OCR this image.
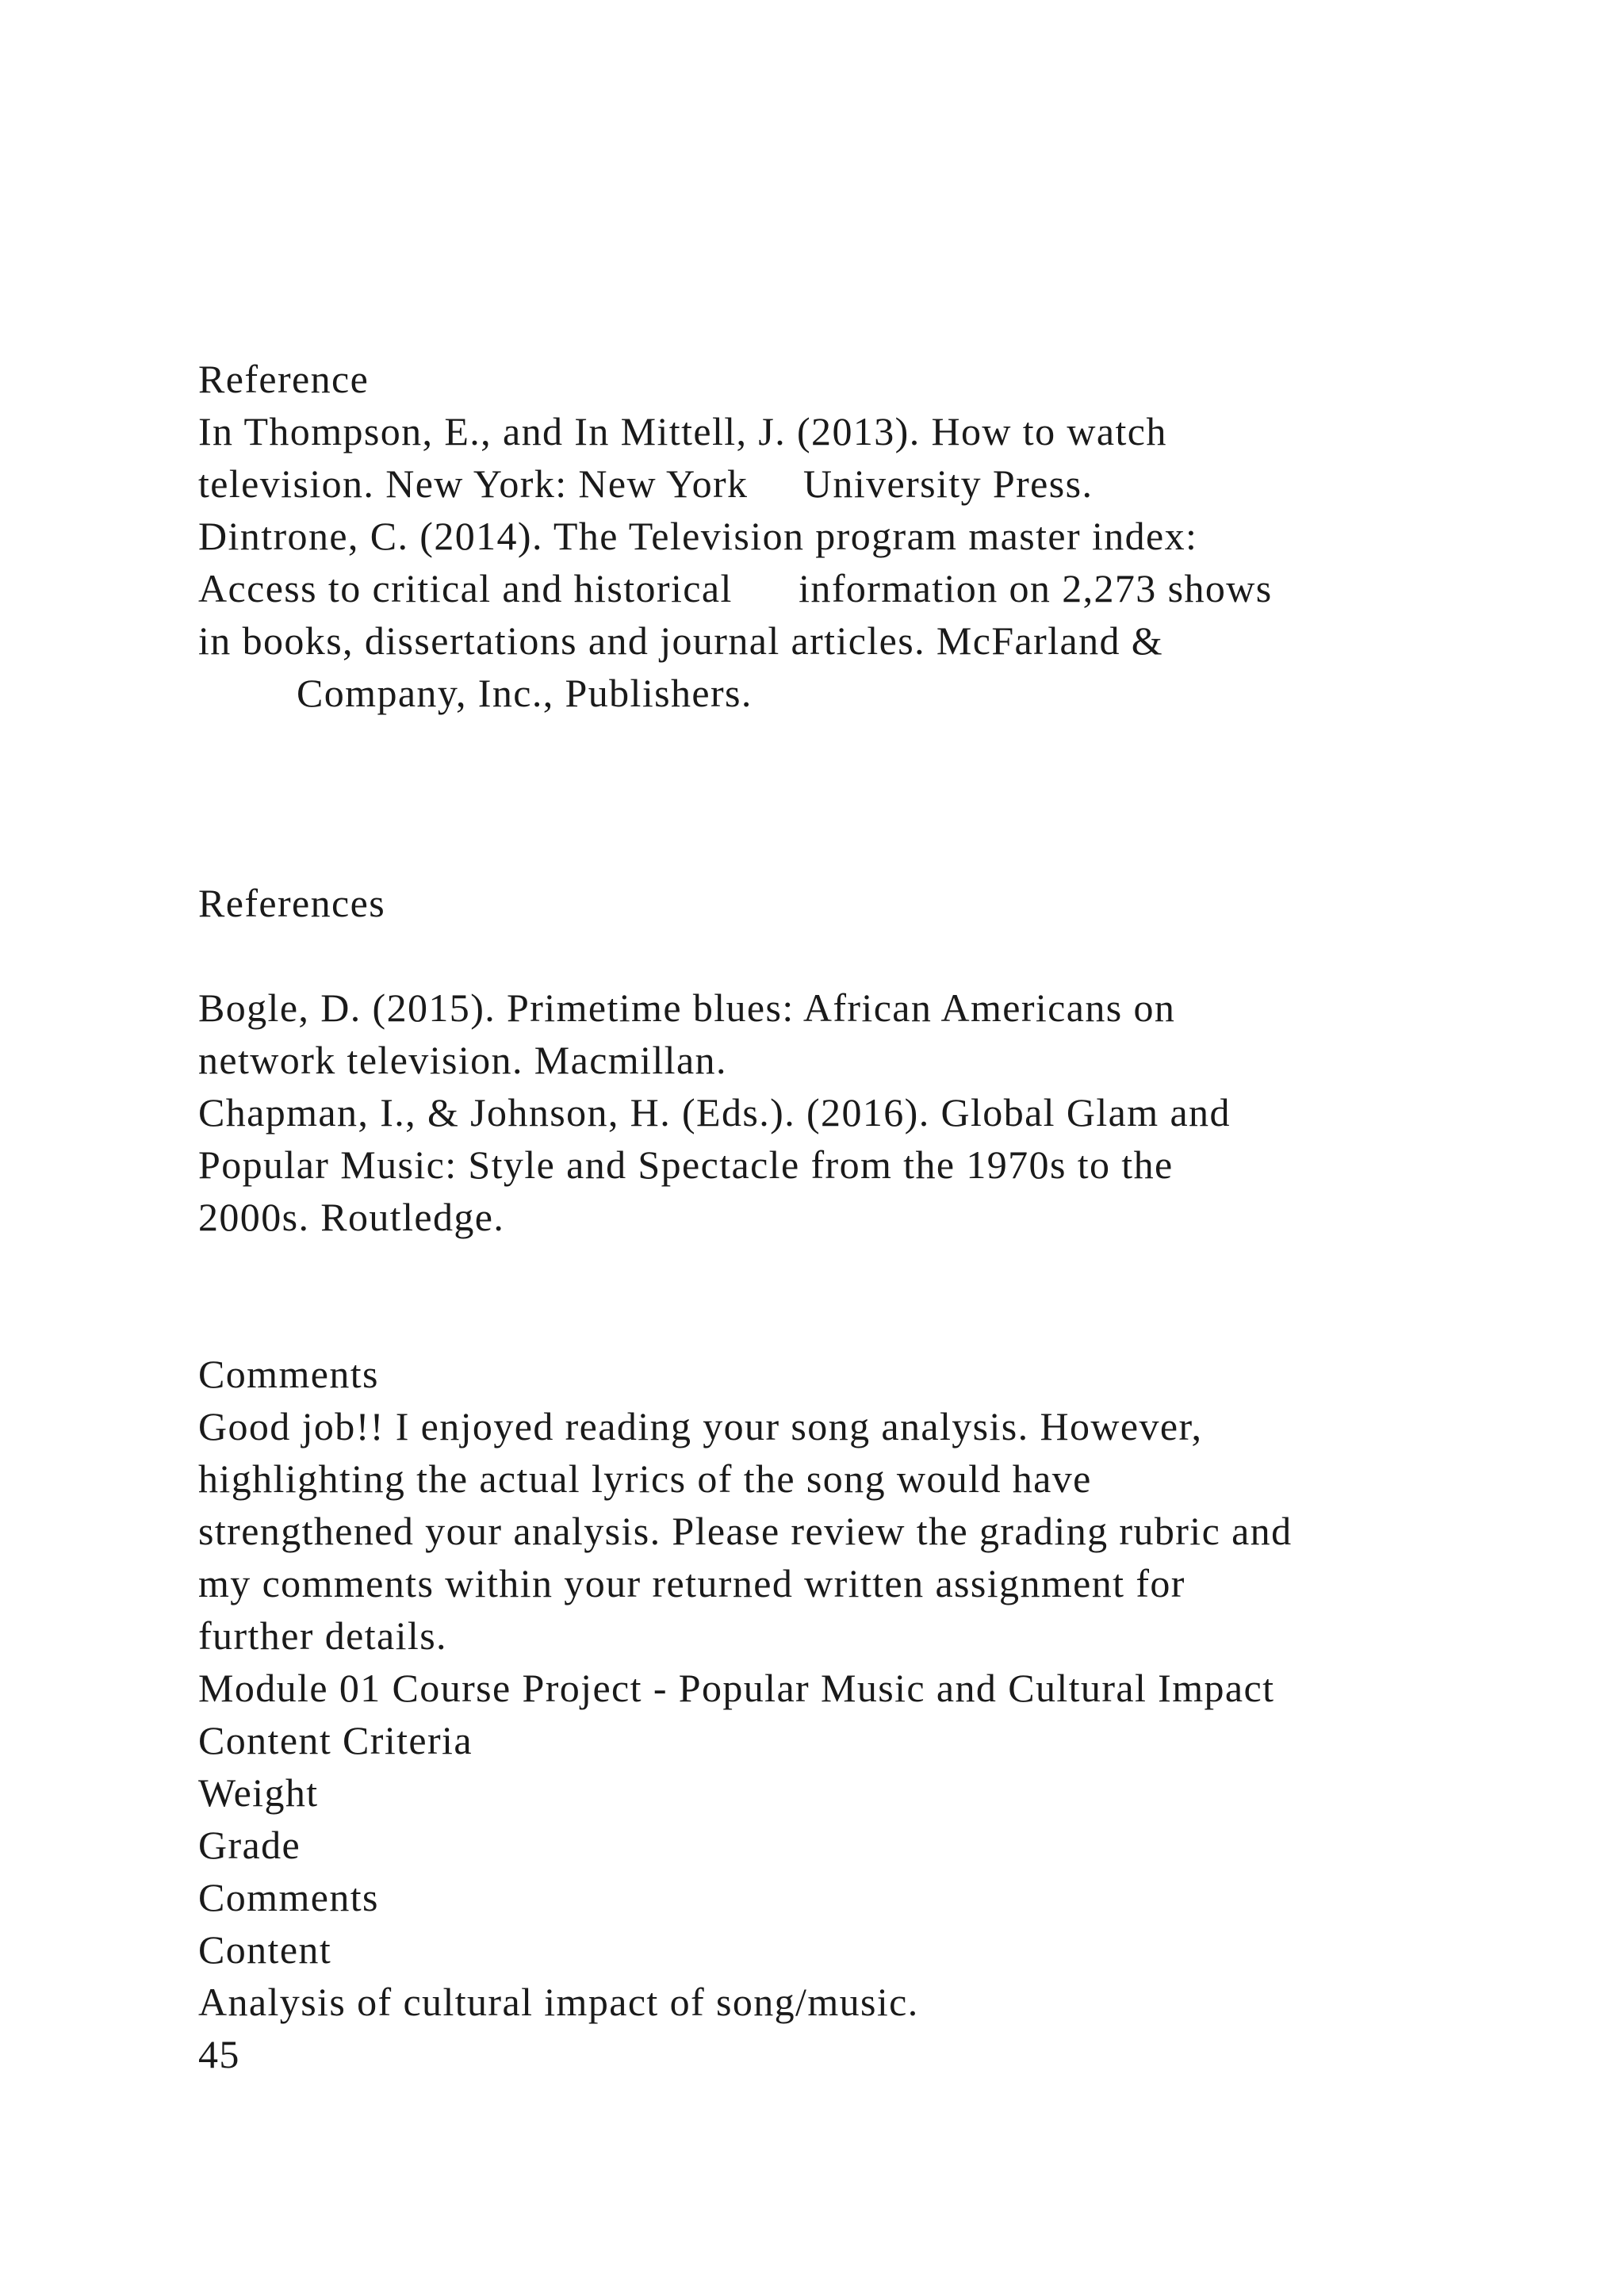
Reference
In Thompson, E., and In Mittell, J. (2013). How to watch
television. New York: New York     University Press.
Dintrone, C. (2014). The Television program master index:
Access to critical and historical      information on 2,273 shows
in books, dissertations and journal articles. McFarland &
Company, Inc., Publishers.
References
Bogle, D. (2015). Primetime blues: African Americans on
network television. Macmillan.
Chapman, I., & Johnson, H. (Eds.). (2016). Global Glam and
Popular Music: Style and Spectacle from the 1970s to the
2000s. Routledge.
Comments
Good job!! I enjoyed reading your song analysis. However,
highlighting the actual lyrics of the song would have
strengthened your analysis. Please review the grading rubric and
my comments within your returned written assignment for
further details.
Module 01 Course Project - Popular Music and Cultural Impact
Content Criteria
Weight
Grade
Comments
Content
Analysis of cultural impact of song/music.
45
